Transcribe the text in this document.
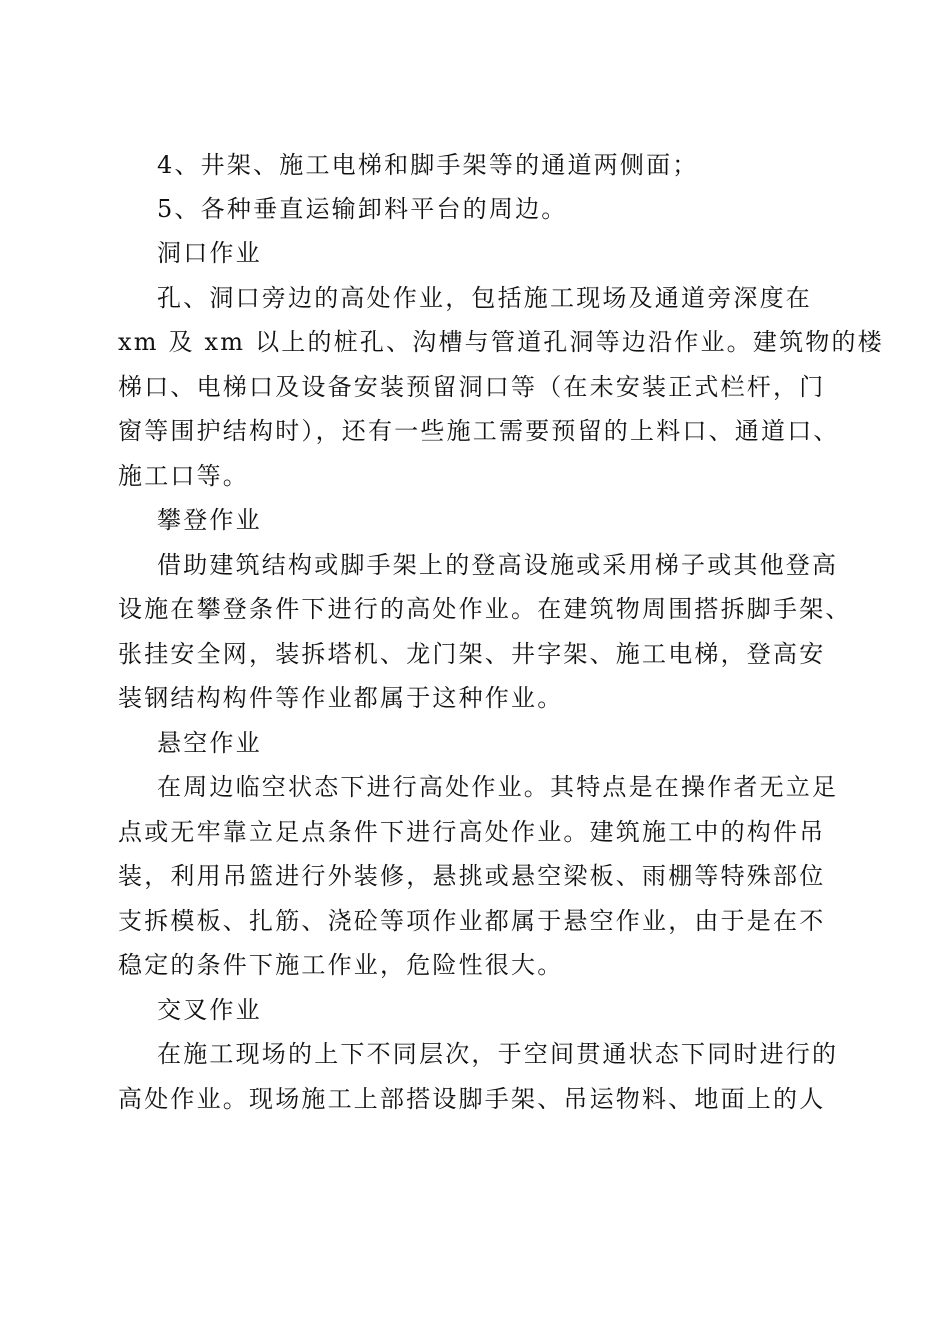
4、井架、施工电梯和脚手架等的通道两侧面；
5、各种垂直运输卸料平台的周边。
洞口作业
孔、洞口旁边的高处作业，包括施工现场及通道旁深度在
xm 及 xm 以上的桩孔、沟槽与管道孔洞等边沿作业。建筑物的楼
梯口、电梯口及设备安装预留洞口等（在未安装正式栏杆，门
窗等围护结构时），还有一些施工需要预留的上料口、通道口、
施工口等。
攀登作业
借助建筑结构或脚手架上的登高设施或采用梯子或其他登高
设施在攀登条件下进行的高处作业。在建筑物周围搭拆脚手架、
张挂安全网，装拆塔机、龙门架、井字架、施工电梯，登高安
装钢结构构件等作业都属于这种作业。
悬空作业
在周边临空状态下进行高处作业。其特点是在操作者无立足
点或无牢靠立足点条件下进行高处作业。建筑施工中的构件吊
装，利用吊篮进行外装修，悬挑或悬空梁板、雨棚等特殊部位
支拆模板、扎筋、浇砼等项作业都属于悬空作业，由于是在不
稳定的条件下施工作业，危险性很大。
交叉作业
在施工现场的上下不同层次，于空间贯通状态下同时进行的
高处作业。现场施工上部搭设脚手架、吊运物料、地面上的人
